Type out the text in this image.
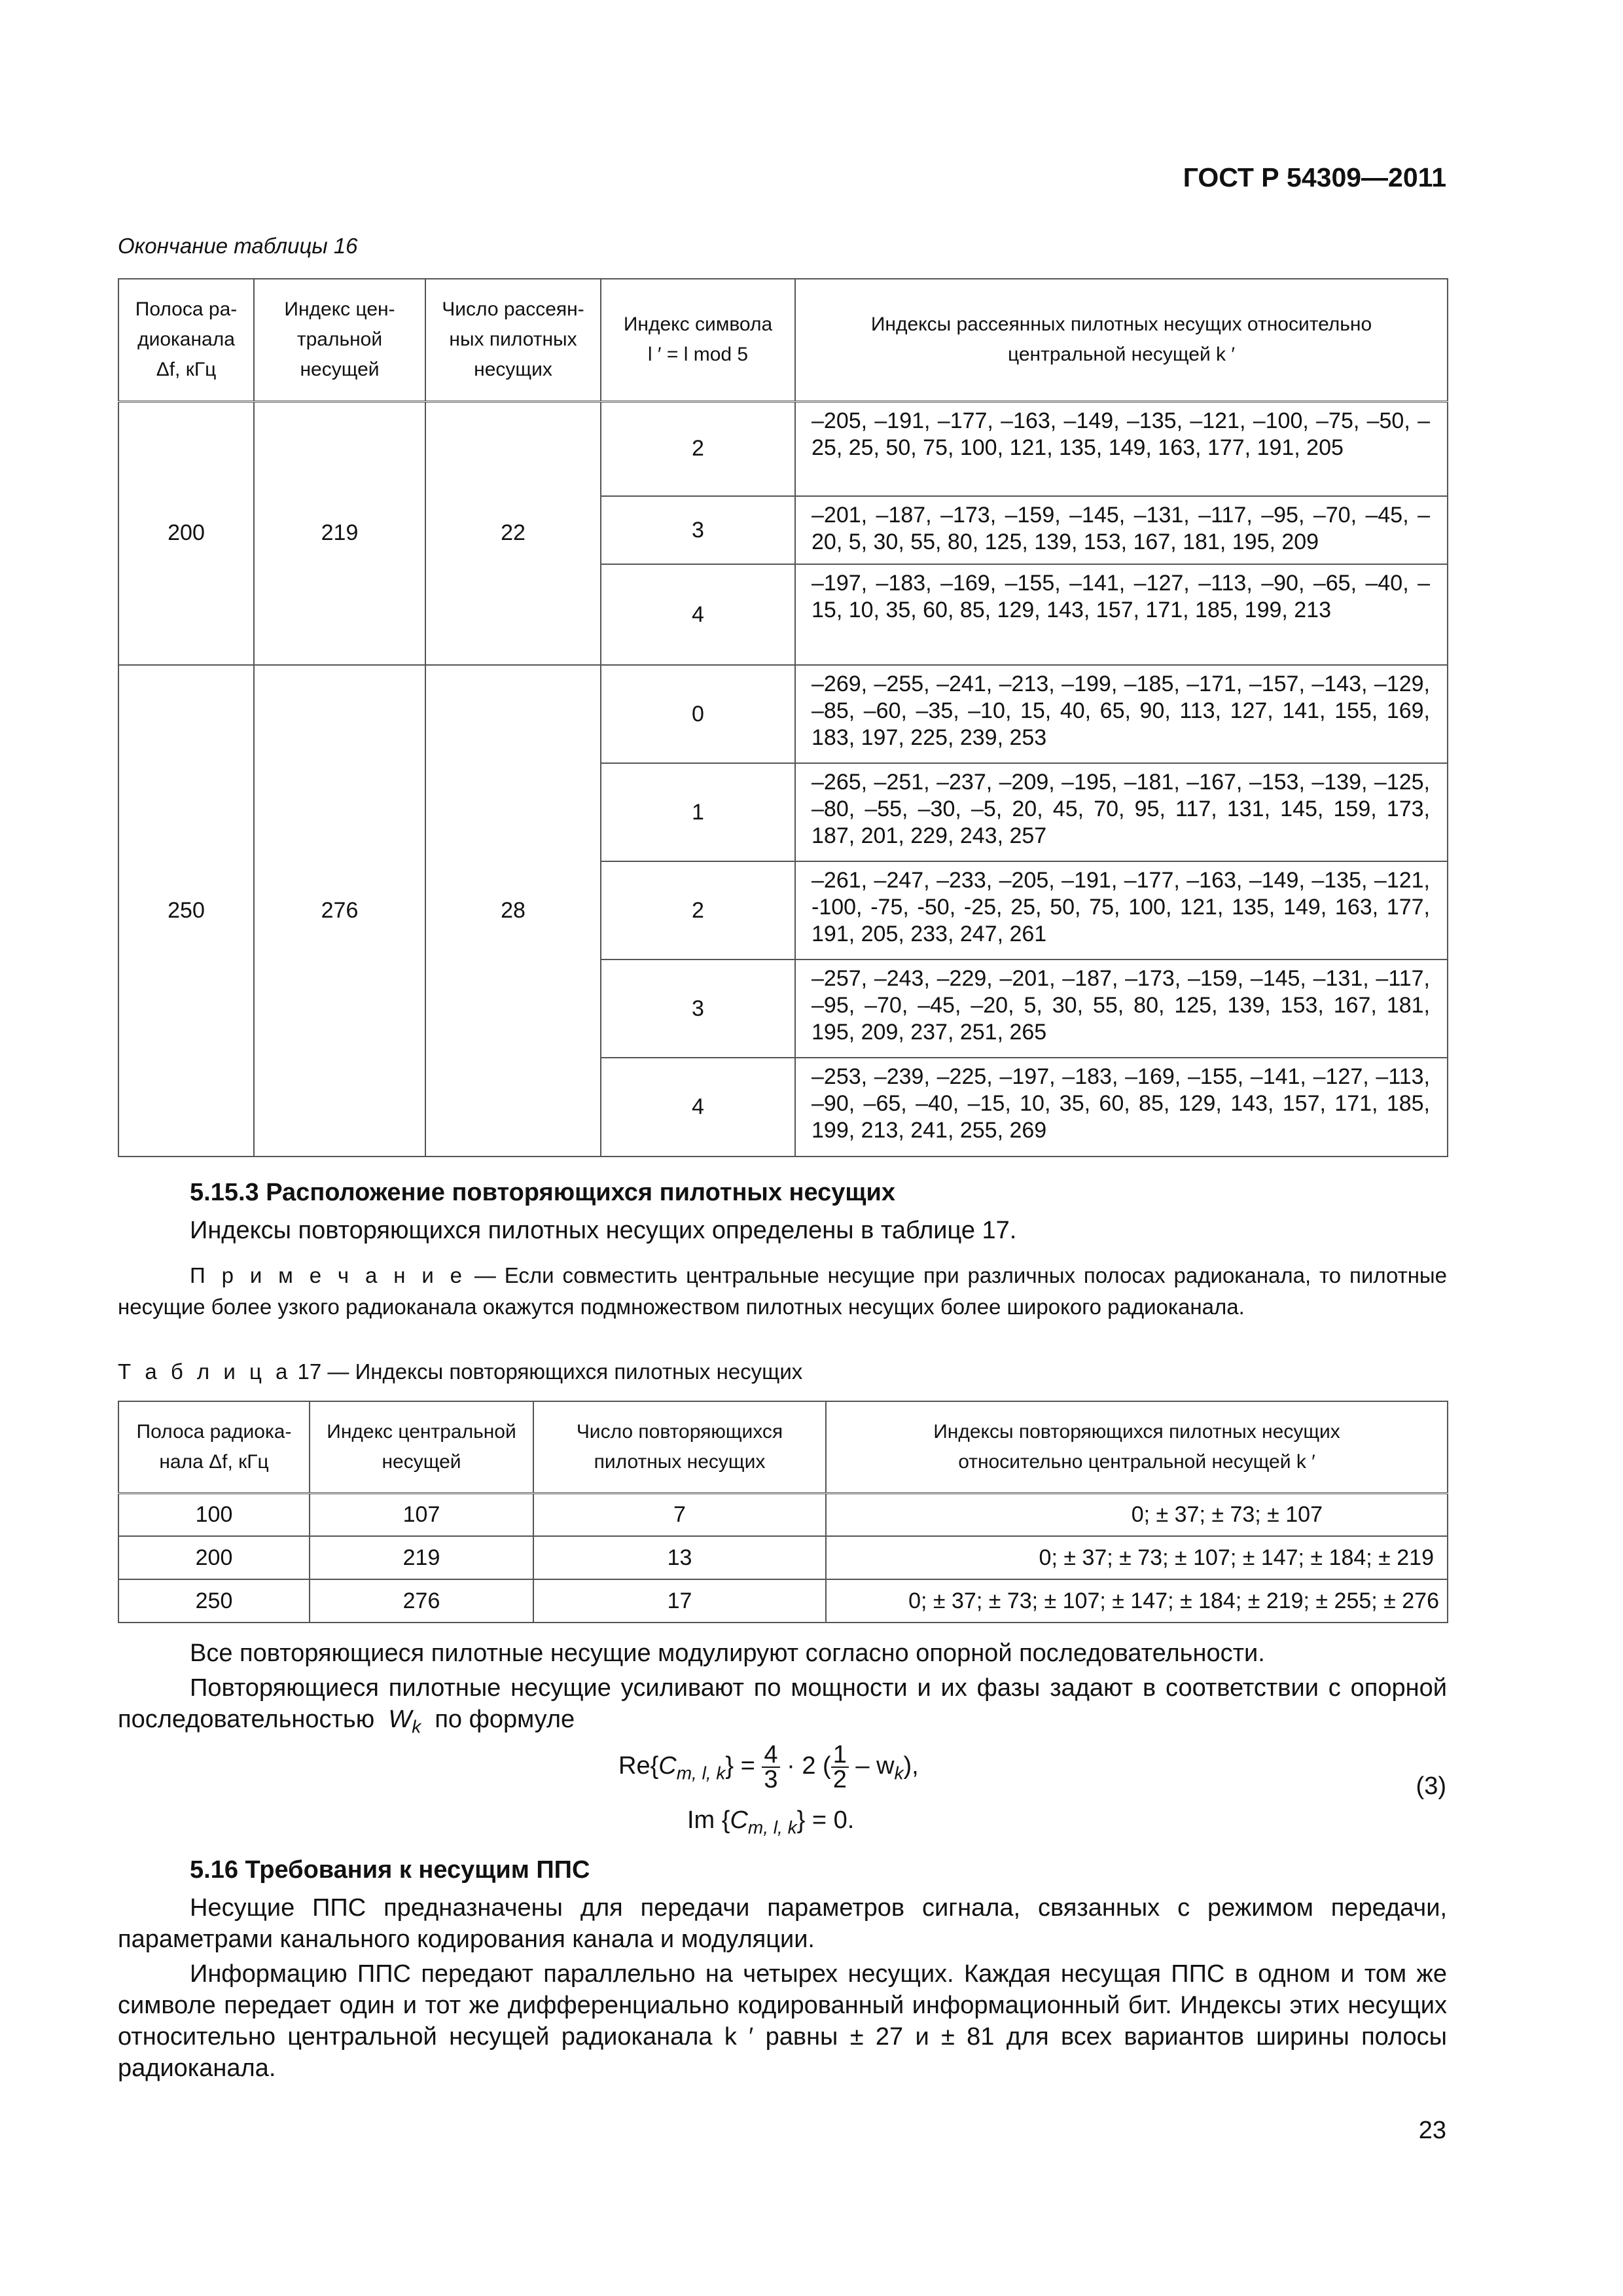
ГОСТ Р 54309—2011
Окончание таблицы 16
Полоса ра-
диоканала
Δf, кГц	Индекс цен-
тральной
несущей	Число рассеян-
ных пилотных
несущих	Индекс символа
l ′ = l mod 5	Индексы рассеянных пилотных несущих относительно
центральной несущей k ′
200	219	22	2	–205, –191, –177, –163, –149, –135, –121, –100, –75, –50, –25, 25, 50, 75, 100, 121, 135, 149, 163, 177, 191, 205
			3	–201, –187, –173, –159, –145, –131, –117, –95, –70, –45, –20, 5, 30, 55, 80, 125, 139, 153, 167, 181, 195, 209
			4	–197, –183, –169, –155, –141, –127, –113, –90, –65, –40, –15, 10, 35, 60, 85, 129, 143, 157, 171, 185, 199, 213
250	276	28	0	–269, –255, –241, –213, –199, –185, –171, –157, –143, –129, –85, –60, –35, –10, 15, 40, 65, 90, 113, 127, 141, 155, 169, 183, 197, 225, 239, 253
			1	–265, –251, –237, –209, –195, –181, –167, –153, –139, –125, –80, –55, –30, –5, 20, 45, 70, 95, 117, 131, 145, 159, 173, 187, 201, 229, 243, 257
			2	–261, –247, –233, –205, –191, –177, –163, –149, –135, –121, -100, -75, -50, -25, 25, 50, 75, 100, 121, 135, 149, 163, 177, 191, 205, 233, 247, 261
			3	–257, –243, –229, –201, –187, –173, –159, –145, –131, –117, –95, –70, –45, –20, 5, 30, 55, 80, 125, 139, 153, 167, 181, 195, 209, 237, 251, 265
			4	–253, –239, –225, –197, –183, –169, –155, –141, –127, –113, –90, –65, –40, –15, 10, 35, 60, 85, 129, 143, 157, 171, 185, 199, 213, 241, 255, 269
5.15.3 Расположение повторяющихся пилотных несущих
Индексы повторяющихся пилотных несущих определены в таблице 17.
П р и м е ч а н и е — Если совместить центральные несущие при различных полосах радиоканала, то пилотные несущие более узкого радиоканала окажутся подмножеством пилотных несущих более широкого радиоканала.
Т а б л и ц а 17 — Индексы повторяющихся пилотных несущих
Полоса радиока-
нала Δf, кГц	Индекс центральной
несущей	Число повторяющихся
пилотных несущих	Индексы повторяющихся пилотных несущих
относительно центральной несущей k ′
100	107	7	0; ± 37; ± 73; ± 107
200	219	13	0; ± 37; ± 73; ± 107; ± 147; ± 184; ± 219
250	276	17	0; ± 37; ± 73; ± 107; ± 147; ± 184; ± 219; ± 255; ± 276
Все повторяющиеся пилотные несущие модулируют согласно опорной последовательности.
Повторяющиеся пилотные несущие усиливают по мощности и их фазы задают в соответствии с опорной последовательностью $W_k$ по формуле
$Re\{C_{m, l, k}\} = \frac{4}{3} \cdot 2$ ( $\frac{1}{2} - w_k$),
Im $\{C_{m, l, k}\} = 0$.
(3)
5.16 Требования к несущим ППС
Несущие ППС предназначены для передачи параметров сигнала, связанных с режимом передачи, параметрами канального кодирования канала и модуляции.
Информацию ППС передают параллельно на четырех несущих. Каждая несущая ППС в одном и том же символе передает один и тот же дифференциально кодированный информационный бит. Индексы этих несущих относительно центральной несущей радиоканала k ′ равны ± 27 и ± 81 для всех вариантов ширины полосы радиоканала.
23
